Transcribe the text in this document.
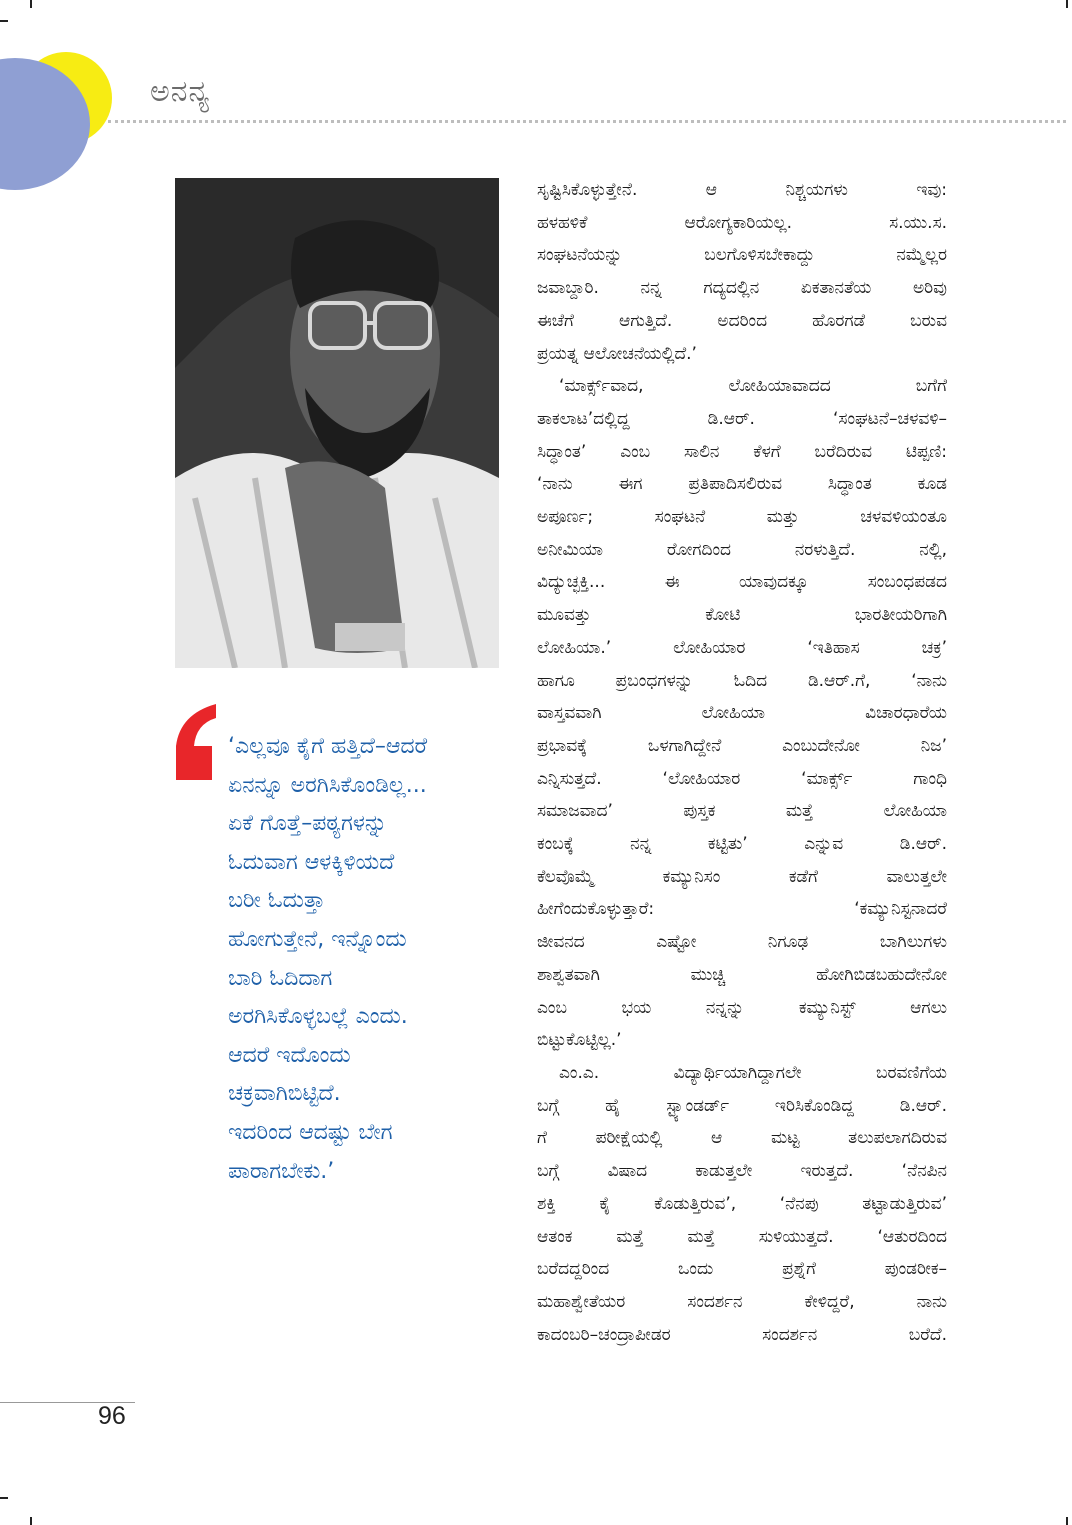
ಅನನ್ಯ

‘ಎಲ್ಲವೂ ಕೈಗೆ ಹತ್ತಿದೆ–ಆದರೆ

ಏನನ್ನೂ ಅರಗಿಸಿಕೊಂಡಿಲ್ಲ...

ಏಕೆ ಗೊತ್ತೆ–ಪಠ್ಯಗಳನ್ನು

ಓದುವಾಗ ಆಳಕ್ಕಿಳಿಯದೆ

ಬರೀ ಓದುತ್ತಾ

ಹೋಗುತ್ತೇನೆ, ಇನ್ನೊಂದು

ಬಾರಿ ಓದಿದಾಗ

ಅರಗಿಸಿಕೊಳ್ಳಬಲ್ಲೆ ಎಂದು.

ಆದರೆ ಇದೊಂದು

ಚಕ್ರವಾಗಿಬಿಟ್ಟಿದೆ.

ಇದರಿಂದ ಆದಷ್ಟು ಬೇಗ

ಪಾರಾಗಬೇಕು.’

ಸೃಷ್ಟಿಸಿಕೊಳ್ಳುತ್ತೇನೆ. ಆ ನಿಶ್ಚಯಗಳು ಇವು:
ಹಳಹಳಿಕೆ ಆರೋಗ್ಯಕಾರಿಯಲ್ಲ. ಸ.ಯು.ಸ.
ಸಂಘಟನೆಯನ್ನು ಬಲಗೊಳಿಸಬೇಕಾದ್ದು ನಮ್ಮೆಲ್ಲರ
ಜವಾಬ್ದಾರಿ. ನನ್ನ ಗದ್ಯದಲ್ಲಿನ ಏಕತಾನತೆಯ ಅರಿವು
ಈಚೆಗೆ ಆಗುತ್ತಿದೆ. ಅದರಿಂದ ಹೊರಗಡೆ ಬರುವ
ಪ್ರಯತ್ನ ಆಲೋಚನೆಯಲ್ಲಿದೆ.’
‘ಮಾರ್ಕ್ಸ್‌ವಾದ, ಲೋಹಿಯಾವಾದದ ಬಗೆಗೆ
ತಾಕಲಾಟ’ದಲ್ಲಿದ್ದ ಡಿ.ಆರ್. ‘ಸಂಘಟನೆ–ಚಳವಳಿ–
ಸಿದ್ಧಾಂತ’ ಎಂಬ ಸಾಲಿನ ಕೆಳಗೆ ಬರೆದಿರುವ ಟಿಪ್ಪಣಿ:
‘ನಾನು ಈಗ ಪ್ರತಿಪಾದಿಸಲಿರುವ ಸಿದ್ಧಾಂತ ಕೂಡ
ಅಪೂರ್ಣ; ಸಂಘಟನೆ ಮತ್ತು ಚಳವಳಿಯಂತೂ
ಅನೀಮಿಯಾ ರೋಗದಿಂದ ನರಳುತ್ತಿದೆ. ನಲ್ಲಿ,
ವಿದ್ಯುಚ್ಛಕ್ತಿ... ಈ ಯಾವುದಕ್ಕೂ ಸಂಬಂಧಪಡದ
ಮೂವತ್ತು ಕೋಟಿ ಭಾರತೀಯರಿಗಾಗಿ
ಲೋಹಿಯಾ.’ ಲೋಹಿಯಾರ ‘ಇತಿಹಾಸ ಚಕ್ರ’
ಹಾಗೂ ಪ್ರಬಂಧಗಳನ್ನು ಓದಿದ ಡಿ.ಆರ್.ಗೆ, ‘ನಾನು
ವಾಸ್ತವವಾಗಿ ಲೋಹಿಯಾ ವಿಚಾರಧಾರೆಯ
ಪ್ರಭಾವಕ್ಕೆ ಒಳಗಾಗಿದ್ದೇನೆ ಎಂಬುದೇನೋ ನಿಜ’
ಎನ್ನಿಸುತ್ತದೆ. ‘ಲೋಹಿಯಾರ ‘ಮಾರ್ಕ್ಸ್ ಗಾಂಧಿ
ಸಮಾಜವಾದ’ ಪುಸ್ತಕ ಮತ್ತೆ ಲೋಹಿಯಾ
ಕಂಬಕ್ಕೆ ನನ್ನ ಕಟ್ಟಿತು’ ಎನ್ನುವ ಡಿ.ಆರ್.
ಕೆಲವೊಮ್ಮೆ ಕಮ್ಯುನಿಸಂ ಕಡೆಗೆ ವಾಲುತ್ತಲೇ
ಹೀಗೆಂದುಕೊಳ್ಳುತ್ತಾರೆ: ‘ಕಮ್ಯುನಿಸ್ಟನಾದರೆ
ಜೀವನದ ಎಷ್ಟೋ ನಿಗೂಢ ಬಾಗಿಲುಗಳು
ಶಾಶ್ವತವಾಗಿ ಮುಚ್ಚಿ ಹೋಗಿಬಿಡಬಹುದೇನೋ
ಎಂಬ ಭಯ ನನ್ನನ್ನು ಕಮ್ಯುನಿಸ್ಟ್ ಆಗಲು
ಬಿಟ್ಟುಕೊಟ್ಟಿಲ್ಲ.’
ಎಂ.ಎ. ವಿದ್ಯಾರ್ಥಿಯಾಗಿದ್ದಾಗಲೇ ಬರವಣಿಗೆಯ
ಬಗ್ಗೆ ಹೈ ಸ್ಟ್ಯಾಂಡರ್ಡ್ ಇರಿಸಿಕೊಂಡಿದ್ದ ಡಿ.ಆರ್.
ಗೆ ಪರೀಕ್ಷೆಯಲ್ಲಿ ಆ ಮಟ್ಟ ತಲುಪಲಾಗದಿರುವ
ಬಗ್ಗೆ ವಿಷಾದ ಕಾಡುತ್ತಲೇ ಇರುತ್ತದೆ. ‘ನೆನಪಿನ
ಶಕ್ತಿ ಕೈ ಕೊಡುತ್ತಿರುವ’, ‘ನೆನಪು ತಟ್ಟಾಡುತ್ತಿರುವ’
ಆತಂಕ ಮತ್ತೆ ಮತ್ತೆ ಸುಳಿಯುತ್ತದೆ. ‘ಆತುರದಿಂದ
ಬರೆದದ್ದರಿಂದ ಒಂದು ಪ್ರಶ್ನೆಗೆ ಪುಂಡರೀಕ–
ಮಹಾಶ್ವೇತೆಯರ ಸಂದರ್ಶನ ಕೇಳಿದ್ದರೆ, ನಾನು
ಕಾದಂಬರಿ–ಚಂದ್ರಾಪೀಡರ ಸಂದರ್ಶನ ಬರೆದೆ.
96
